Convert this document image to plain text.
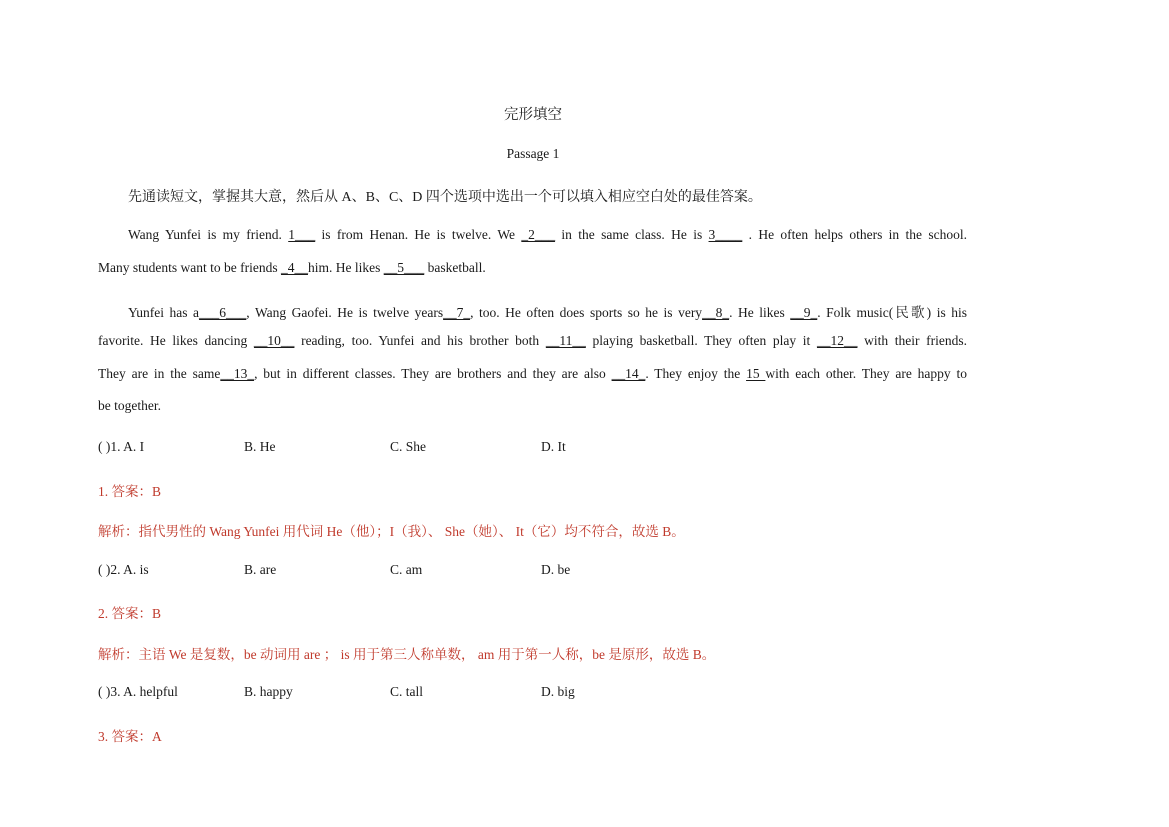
完形填空
Passage 1
先通读短文，掌握其大意，然后从 A、B、C、D 四个选项中选出一个可以填入相应空白处的最佳答案。
Wang Yunfei is my friend. 1___ is from Henan. He is twelve. We _2___ in the same class. He is 3____ . He often helps others in the school.
Many students want to be friends _4__him. He likes __5___ basketball.
Yunfei has a___6___, Wang Gaofei. He is twelve years__7_, too. He often does sports so he is very__8_. He likes __9_. Folk music(民歌) is his
favorite. He likes dancing __10__ reading, too. Yunfei and his brother both __11__ playing basketball. They often play it __12__ with their friends.
They are in the same__13_, but in different classes. They are brothers and they are also __14_. They enjoy the 15 with each other. They are happy to
be together.
( )1. A. I	B. He	C. She	D. It
1. 答案：B
解析：指代男性的 Wang Yunfei 用代词 He（他）；I（我）、 She（她）、 It（它）均不符合，故选 B。
( )2. A. is	B. are	C. am	D. be
2. 答案：B
解析：主语 We 是复数，be 动词用 are ； is 用于第三人称单数， am 用于第一人称，be 是原形，故选 B。
( )3. A. helpful	B. happy	C. tall	D. big
3. 答案：A
